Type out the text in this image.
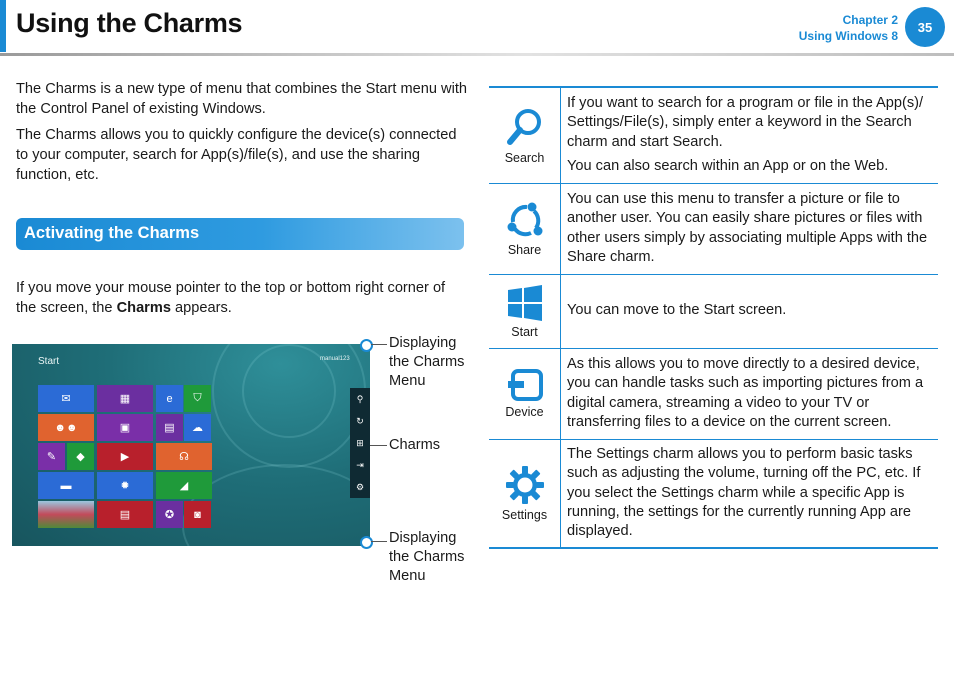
Using the Charms	Chapter 2
Using Windows 8
35
The Charms is a new type of menu that combines the Start menu with the Control Panel of existing Windows.
The Charms allows you to quickly configure the device(s) connected to your computer, search for App(s)/file(s), and use the sharing function, etc.
Activating the Charms
If you move your mouse pointer to the top or bottom right corner of the screen, the Charms appears.
Start	manual123
✉	▦	e	⛉
☻☻	▣	▤	☁
✎	◆	▶	☊
▬	✹	◢
▤	✪	◙
⚲
↻
⊞
⇥
⚙
Displaying the Charms Menu
Charms
Displaying the Charms Menu
Search	If you want to search for a program or file in the App(s)/ Settings/File(s), simply enter a keyword in the Search charm and start Search.

You can also search within an App or on the Web.

Share	You can use this menu to transfer a picture or file to another user. You can easily share pictures or files with other users simply by associating multiple Apps with the Share charm.

Start	You can move to the Start screen.

Device	As this allows you to move directly to a desired device, you can handle tasks such as importing pictures from a digital camera, streaming a video to your TV or transferring files to a device on the current screen.

Settings	The Settings charm allows you to perform basic tasks such as adjusting the volume, turning off the PC, etc. If you select the Settings charm while a specific App is running, the settings for the currently running App are displayed.
